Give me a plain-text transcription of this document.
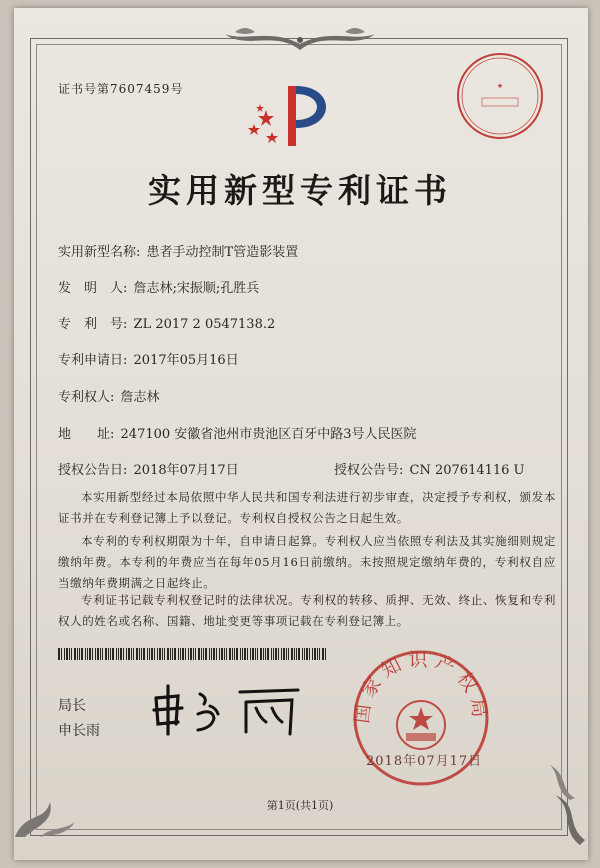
证书号第7607459号	★
实用新型专利证书
实用新型名称: 患者手动控制T管造影装置
发　明　人: 詹志林;宋振顺;孔胜兵
专　利　号: ZL 2017 2 0547138.2
专利申请日: 2017年05月16日
专利权人: 詹志林
地　　址: 247100 安徽省池州市贵池区百牙中路3号人民医院
授权公告日: 2018年07月17日	授权公告号: CN 207614116 U
本实用新型经过本局依照中华人民共和国专利法进行初步审查，决定授予专利权，颁发本证书并在专利登记簿上予以登记。专利权自授权公告之日起生效。
本专利的专利权期限为十年，自申请日起算。专利权人应当依照专利法及其实施细则规定缴纳年费。本专利的年费应当在每年05月16日前缴纳。未按照规定缴纳年费的，专利权自应当缴纳年费期满之日起终止。
专利证书记载专利权登记时的法律状况。专利权的转移、质押、无效、终止、恢复和专利权人的姓名或名称、国籍、地址变更等事项记载在专利登记簿上。
局长
申长雨
国家知识产权局
2018年07月17日
第1页(共1页)
